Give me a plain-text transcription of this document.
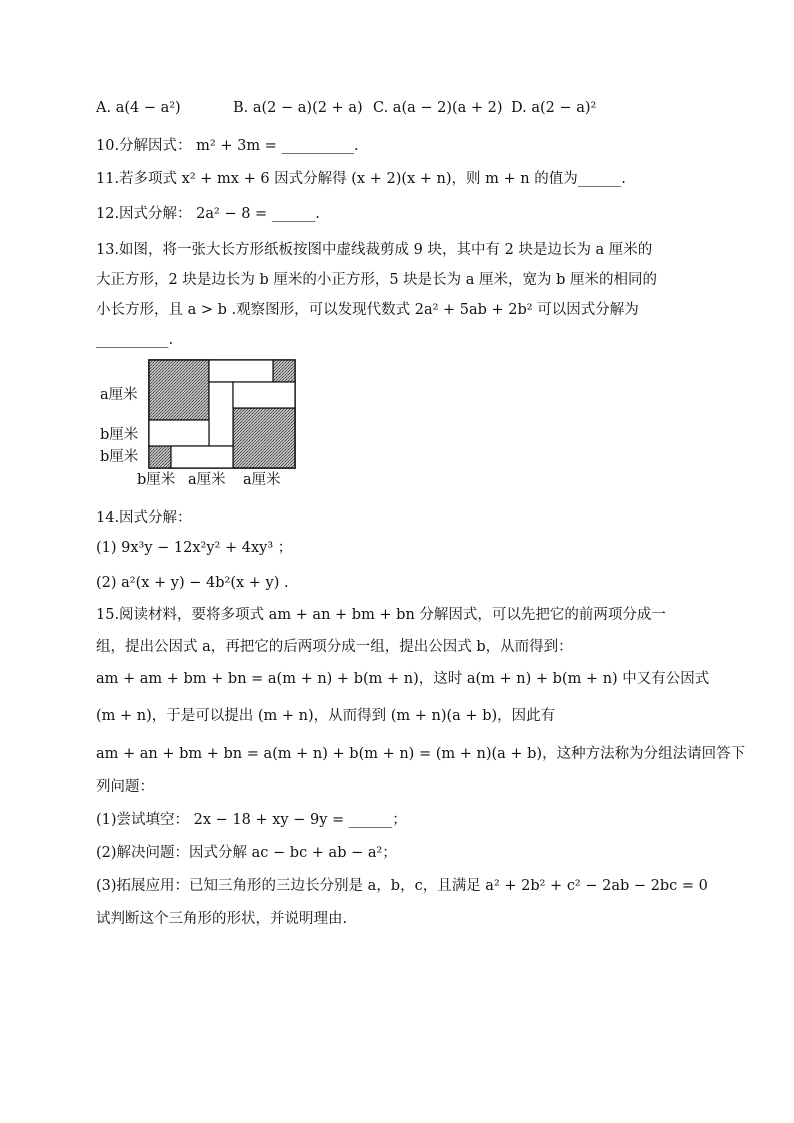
A. a(4 − a²)	B. a(2 − a)(2 + a) C. a(a − 2)(a + 2) D. a(2 − a)²
10.分解因式： m² + 3m = __________.
11.若多项式 x² + mx + 6 因式分解得 (x + 2)(x + n)，则 m + n 的值为______.
12.因式分解： 2a² − 8 = ______.
13.如图，将一张大长方形纸板按图中虚线裁剪成 9 块，其中有 2 块是边长为 a 厘米的
大正方形，2 块是边长为 b 厘米的小正方形，5 块是长为 a 厘米，宽为 b 厘米的相同的
小长方形，且 a > b .观察图形，可以发现代数式 2a² + 5ab + 2b² 可以因式分解为
__________.
a厘米
b厘米
b厘米
b厘米 a厘米 a厘米
14.因式分解：
(1) 9x³y − 12x²y² + 4xy³ ；
(2) a²(x + y) − 4b²(x + y) .
15.阅读材料，要将多项式 am + an + bm + bn 分解因式，可以先把它的前两项分成一
组，提出公因式 a，再把它的后两项分成一组，提出公因式 b，从而得到：
am + am + bm + bn = a(m + n) + b(m + n)，这时 a(m + n) + b(m + n) 中又有公因式
(m + n)，于是可以提出 (m + n)，从而得到 (m + n)(a + b)，因此有
am + an + bm + bn = a(m + n) + b(m + n) = (m + n)(a + b)，这种方法称为分组法请回答下
列问题：
(1)尝试填空： 2x − 18 + xy − 9y = ______；
(2)解决问题：因式分解 ac − bc + ab − a²；
(3)拓展应用：已知三角形的三边长分别是 a，b，c，且满足 a² + 2b² + c² − 2ab − 2bc = 0
试判断这个三角形的形状，并说明理由.
